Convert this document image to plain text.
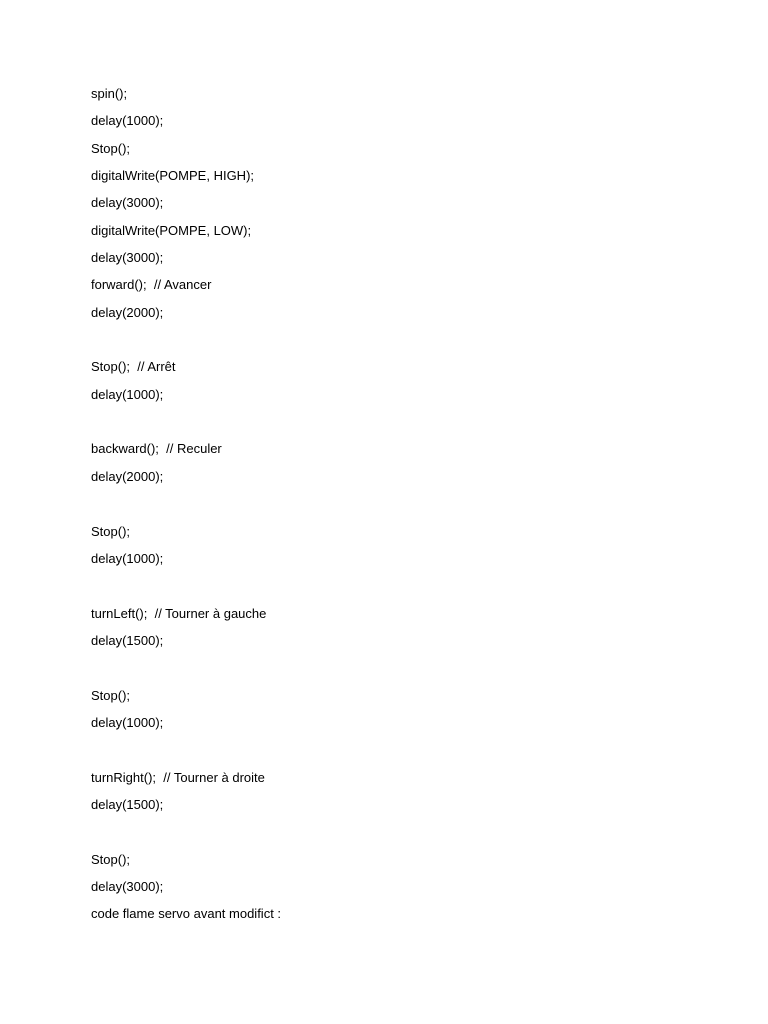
spin();
delay(1000);
Stop();
digitalWrite(POMPE, HIGH);
delay(3000);
digitalWrite(POMPE, LOW);
delay(3000);
forward();  // Avancer
delay(2000);
Stop();  // Arrêt
delay(1000);
backward();  // Reculer
delay(2000);
Stop();
delay(1000);
turnLeft();  // Tourner à gauche
delay(1500);
Stop();
delay(1000);
turnRight();  // Tourner à droite
delay(1500);
Stop();
delay(3000);
code flame servo avant modifict :
